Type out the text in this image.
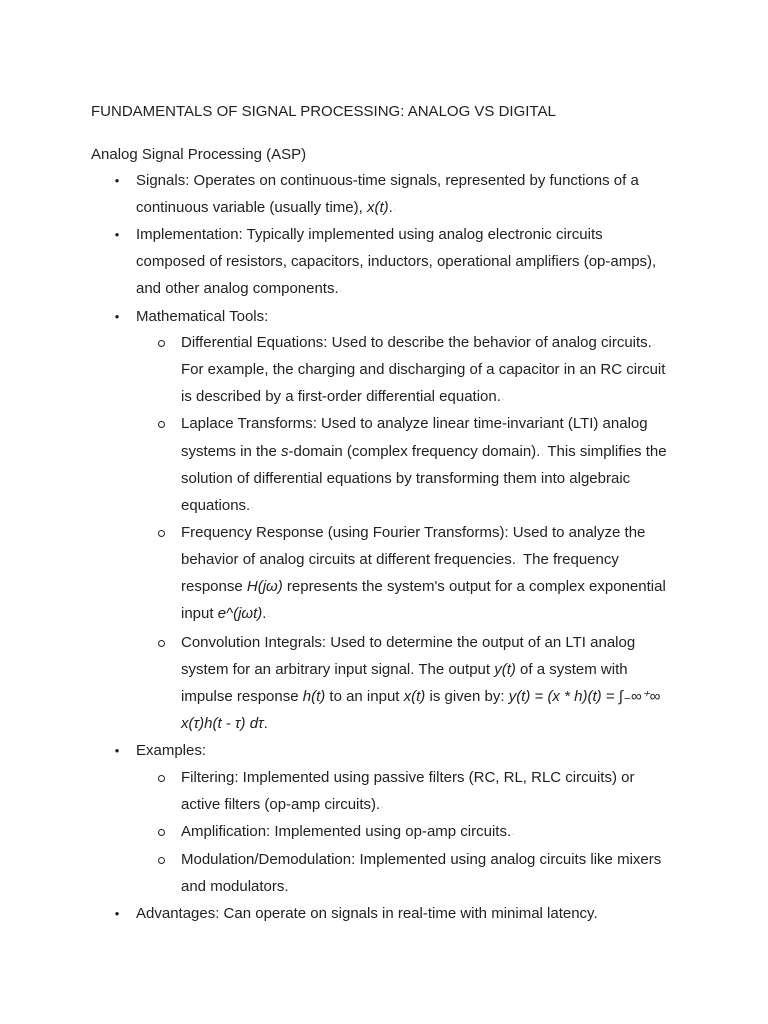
FUNDAMENTALS OF SIGNAL PROCESSING: ANALOG VS DIGITAL
Analog Signal Processing (ASP)
• Signals: Operates on continuous-time signals, represented by functions of a
continuous variable (usually time), x(t).◦
• Implementation: Typically implemented using analog electronic circuits
composed of resistors, capacitors, inductors, operational amplifiers (op-amps),
and other analog components.◦
• Mathematical Tools:
Differential Equations: Used to describe the behavior of analog circuits.◦
For example, the charging and discharging of a capacitor in an RC circuit
is described by a first-order differential equation.◦
Laplace Transforms: Used to analyze linear time-invariant (LTI) analog
systems in the s-domain (complex frequency domain).◦ This simplifies the
solution of differential equations by transforming them into algebraic
equations.◦
Frequency Response (using Fourier Transforms): Used to analyze the
behavior of analog circuits at different frequencies.◦ The frequency
response H(jω) represents the system's output for a complex exponential
input e^(jωt).◦
Convolution Integrals: Used to determine the output of an LTI analog
system for an arbitrary input signal. The output y(t) of a system with
impulse response h(t) to an input x(t) is given by: y(t) = (x * h)(t) = ∫₋∞⁺∞
x(τ)h(t - τ) dτ.
• Examples:
Filtering: Implemented using passive filters (RC, RL, RLC circuits) or
active filters (op-amp circuits).◦
Amplification: Implemented using op-amp circuits.◦
Modulation/Demodulation: Implemented using analog circuits like mixers
and modulators.
• Advantages: Can operate on signals in real-time with minimal latency.
